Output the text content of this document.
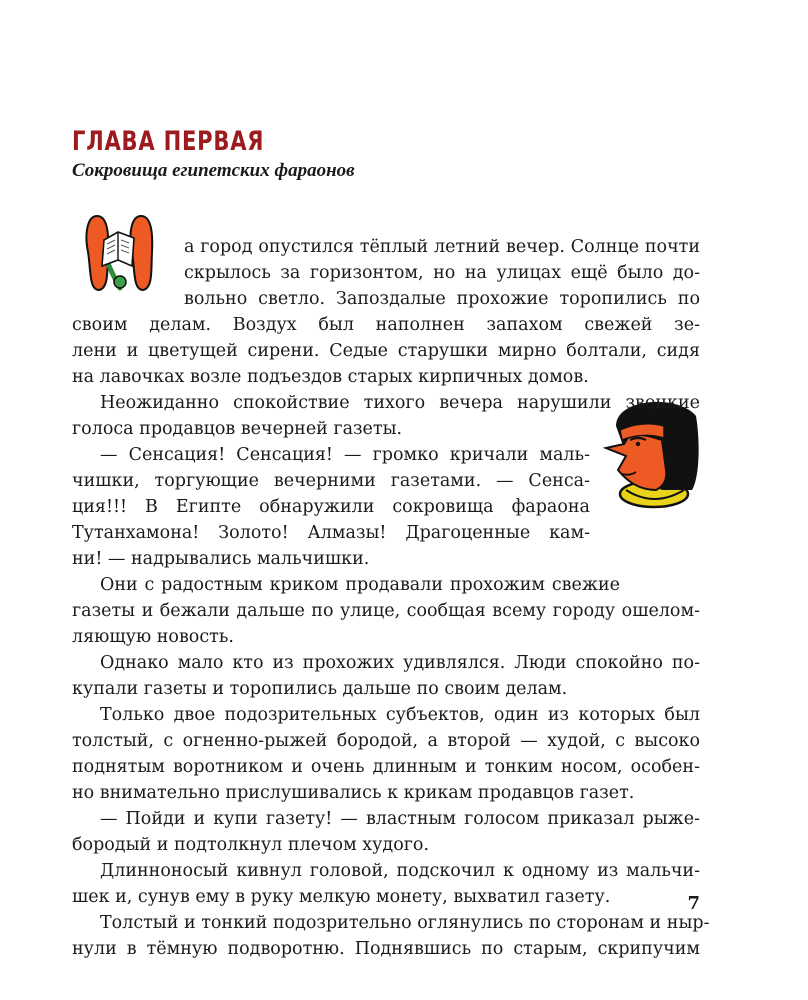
ГЛАВА ПЕРВАЯ
Сокровища египетских фараонов
а город опустился тёплый летний вечер. Солнце почти
скрылось за горизонтом, но на улицах ещё было до-
вольно светло. Запоздалые прохожие торопились по
своим делам. Воздух был наполнен запахом свежей зе-
лени и цветущей сирени. Седые старушки мирно болтали, сидя
на лавочках возле подъездов старых кирпичных домов.
Неожиданно спокойствие тихого вечера нарушили звонкие
голоса продавцов вечерней газеты.
— Сенсация! Сенсация! — громко кричали маль-
чишки, торгующие вечерними газетами. — Сенса-
ция!!! В Египте обнаружили сокровища фараона
Тутанхамона! Золото! Алмазы! Драгоценные кам-
ни! — надрывались мальчишки.
Они с радостным криком продавали прохожим свежие
газеты и бежали дальше по улице, сообщая всему городу ошелом-
ляющую новость.
Однако мало кто из прохожих удивлялся. Люди спокойно по-
купали газеты и торопились дальше по своим делам.
Только двое подозрительных субъектов, один из которых был
толстый, с огненно-рыжей бородой, а второй — худой, с высоко
поднятым воротником и очень длинным и тонким носом, особен-
но внимательно прислушивались к крикам продавцов газет.
— Пойди и купи газету! — властным голосом приказал рыже-
бородый и подтолкнул плечом худого.
Длинноносый кивнул головой, подскочил к одному из мальчи-
шек и, сунув ему в руку мелкую монету, выхватил газету.
Толстый и тонкий подозрительно оглянулись по сторонам и ныр-
нули в тёмную подворотню. Поднявшись по старым, скрипучим
7
